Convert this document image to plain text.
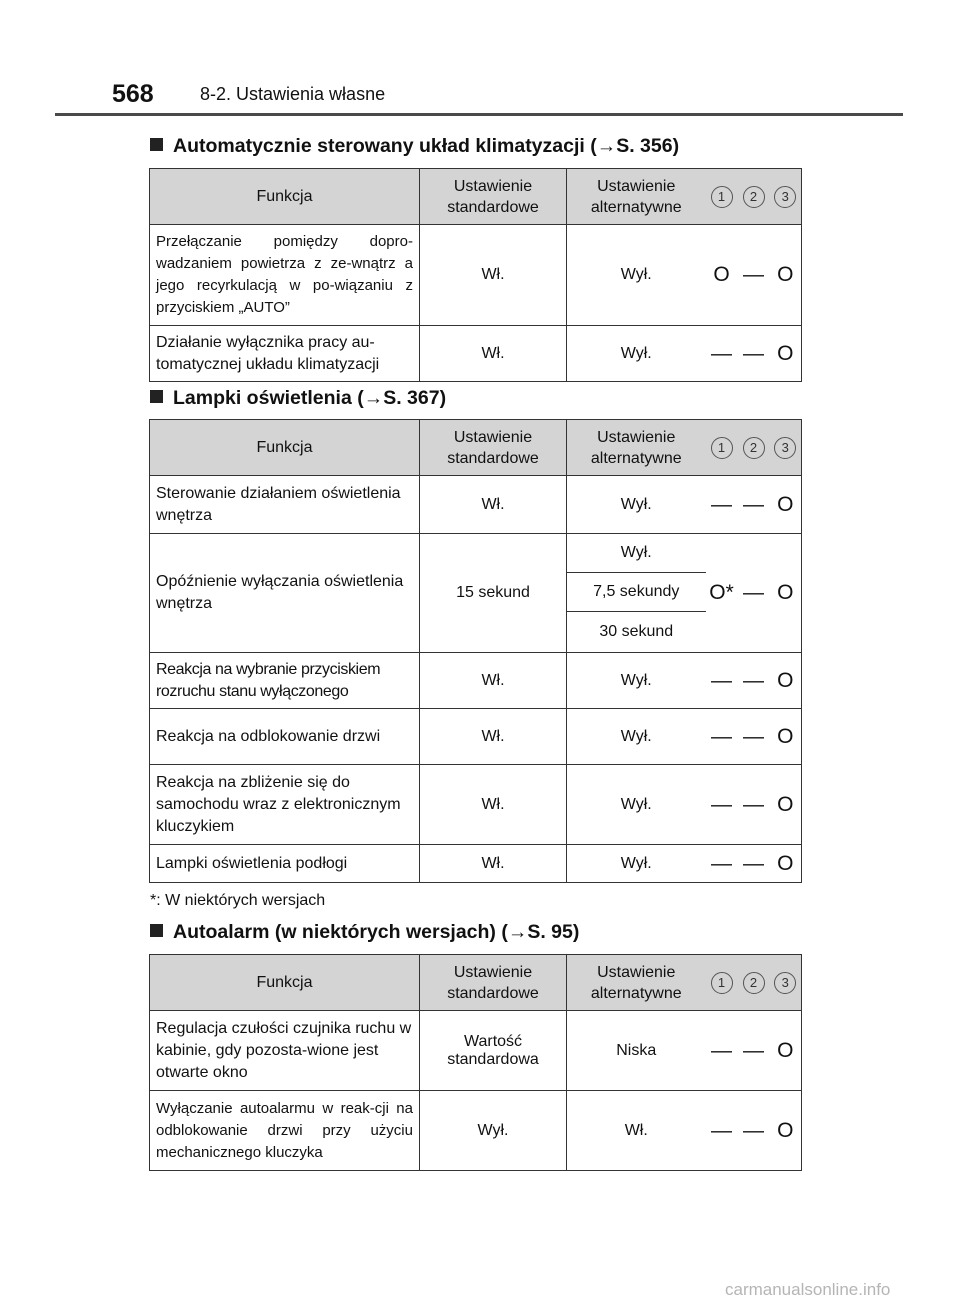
568	8-2. Ustawienia własne
Automatycznie sterowany układ klimatyzacji (→S. 356)
Funkcja	Ustawienie standardowe	Ustawienie alternatywne	1	2	3
Przełączanie pomiędzy dopro-wadzaniem powietrza z ze-wnątrz a jego recyrkulacją w po-wiązaniu z przyciskiem „AUTO”	Wł.	Wył.	O	—	O
Działanie wyłącznika pracy au-tomatycznej układu klimatyzacji	Wł.	Wył.	—	—	O
Lampki oświetlenia (→S. 367)
Funkcja	Ustawienie standardowe	Ustawienie alternatywne	1	2	3
Sterowanie działaniem oświetlenia wnętrza	Wł.	Wył.	—	—	O
Opóźnienie wyłączania oświetlenia wnętrza	15 sekund	Wył.	O*	—	O
		7,5 sekundy			
		30 sekund			
Reakcja na wybranie przyciskiem rozruchu stanu wyłączonego	Wł.	Wył.	—	—	O
Reakcja na odblokowanie drzwi	Wł.	Wył.	—	—	O
Reakcja na zbliżenie się do samochodu wraz z elektronicznym kluczykiem	Wł.	Wył.	—	—	O
Lampki oświetlenia podłogi	Wł.	Wył.	—	—	O
*: W niektórych wersjach
Autoalarm (w niektórych wersjach) (→S. 95)
Funkcja	Ustawienie standardowe	Ustawienie alternatywne	1	2	3
Regulacja czułości czujnika ruchu w kabinie, gdy pozosta-wione jest otwarte okno	Wartość standardowa	Niska	—	—	O
Wyłączanie autoalarmu w reak-cji na odblokowanie drzwi przy użyciu mechanicznego kluczyka	Wył.	Wł.	—	—	O
carmanualsonline.info
